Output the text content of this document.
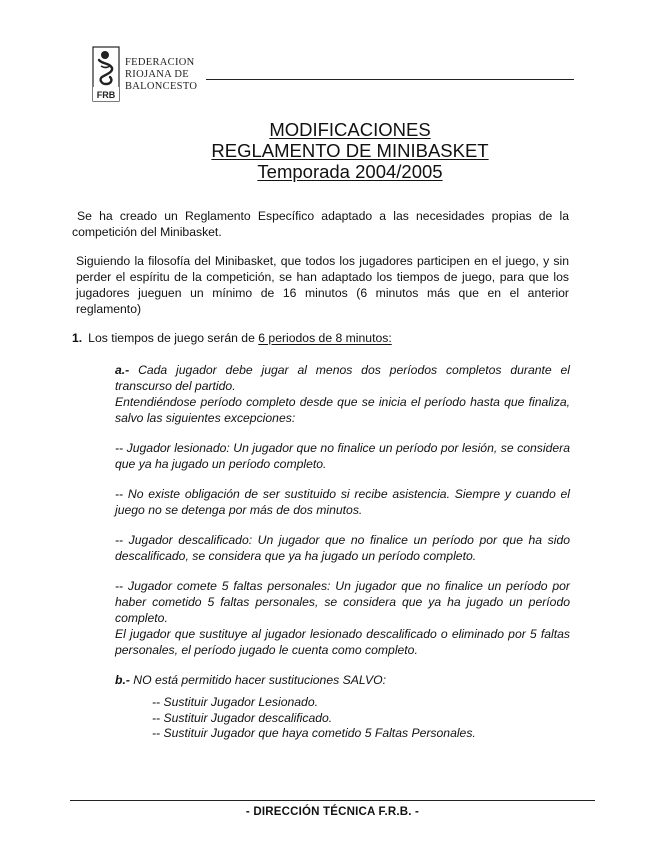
FRB
FEDERACION
RIOJANA DE
BALONCESTO
MODIFICACIONES
REGLAMENTO DE MINIBASKET
Temporada 2004/2005
Se ha creado un Reglamento Específico adaptado a las necesidades propias de la competición del Minibasket.
Siguiendo la filosofía del Minibasket, que todos los jugadores participen en el juego, y sin perder el espíritu de la competición, se han adaptado los tiempos de juego, para que los jugadores jueguen un mínimo de 16 minutos (6 minutos más que en el anterior reglamento)
1. Los tiempos de juego serán de 6 periodos de 8 minutos:
a.- Cada jugador debe jugar al menos dos períodos completos durante el transcurso del partido.
Entendiéndose período completo desde que se inicia el período hasta que finaliza, salvo las siguientes excepciones:
-- Jugador lesionado: Un jugador que no finalice un período por lesión, se considera que ya ha jugado un período completo.
-- No existe obligación de ser sustituido si recibe asistencia. Siempre y cuando el juego no se detenga por más de dos minutos.
-- Jugador descalificado: Un jugador que no finalice un período por que ha sido descalificado, se considera que ya ha jugado un período completo.
-- Jugador comete 5 faltas personales: Un jugador que no finalice un período por haber cometido 5 faltas personales, se considera que ya ha jugado un período completo.
El jugador que sustituye al jugador lesionado descalificado o eliminado por 5 faltas personales, el período jugado le cuenta como completo.
b.- NO está permitido hacer sustituciones SALVO:
-- Sustituir Jugador Lesionado.
-- Sustituir Jugador descalificado.
-- Sustituir Jugador que haya cometido 5 Faltas Personales.
- DIRECCIÓN TÉCNICA F.R.B. -
